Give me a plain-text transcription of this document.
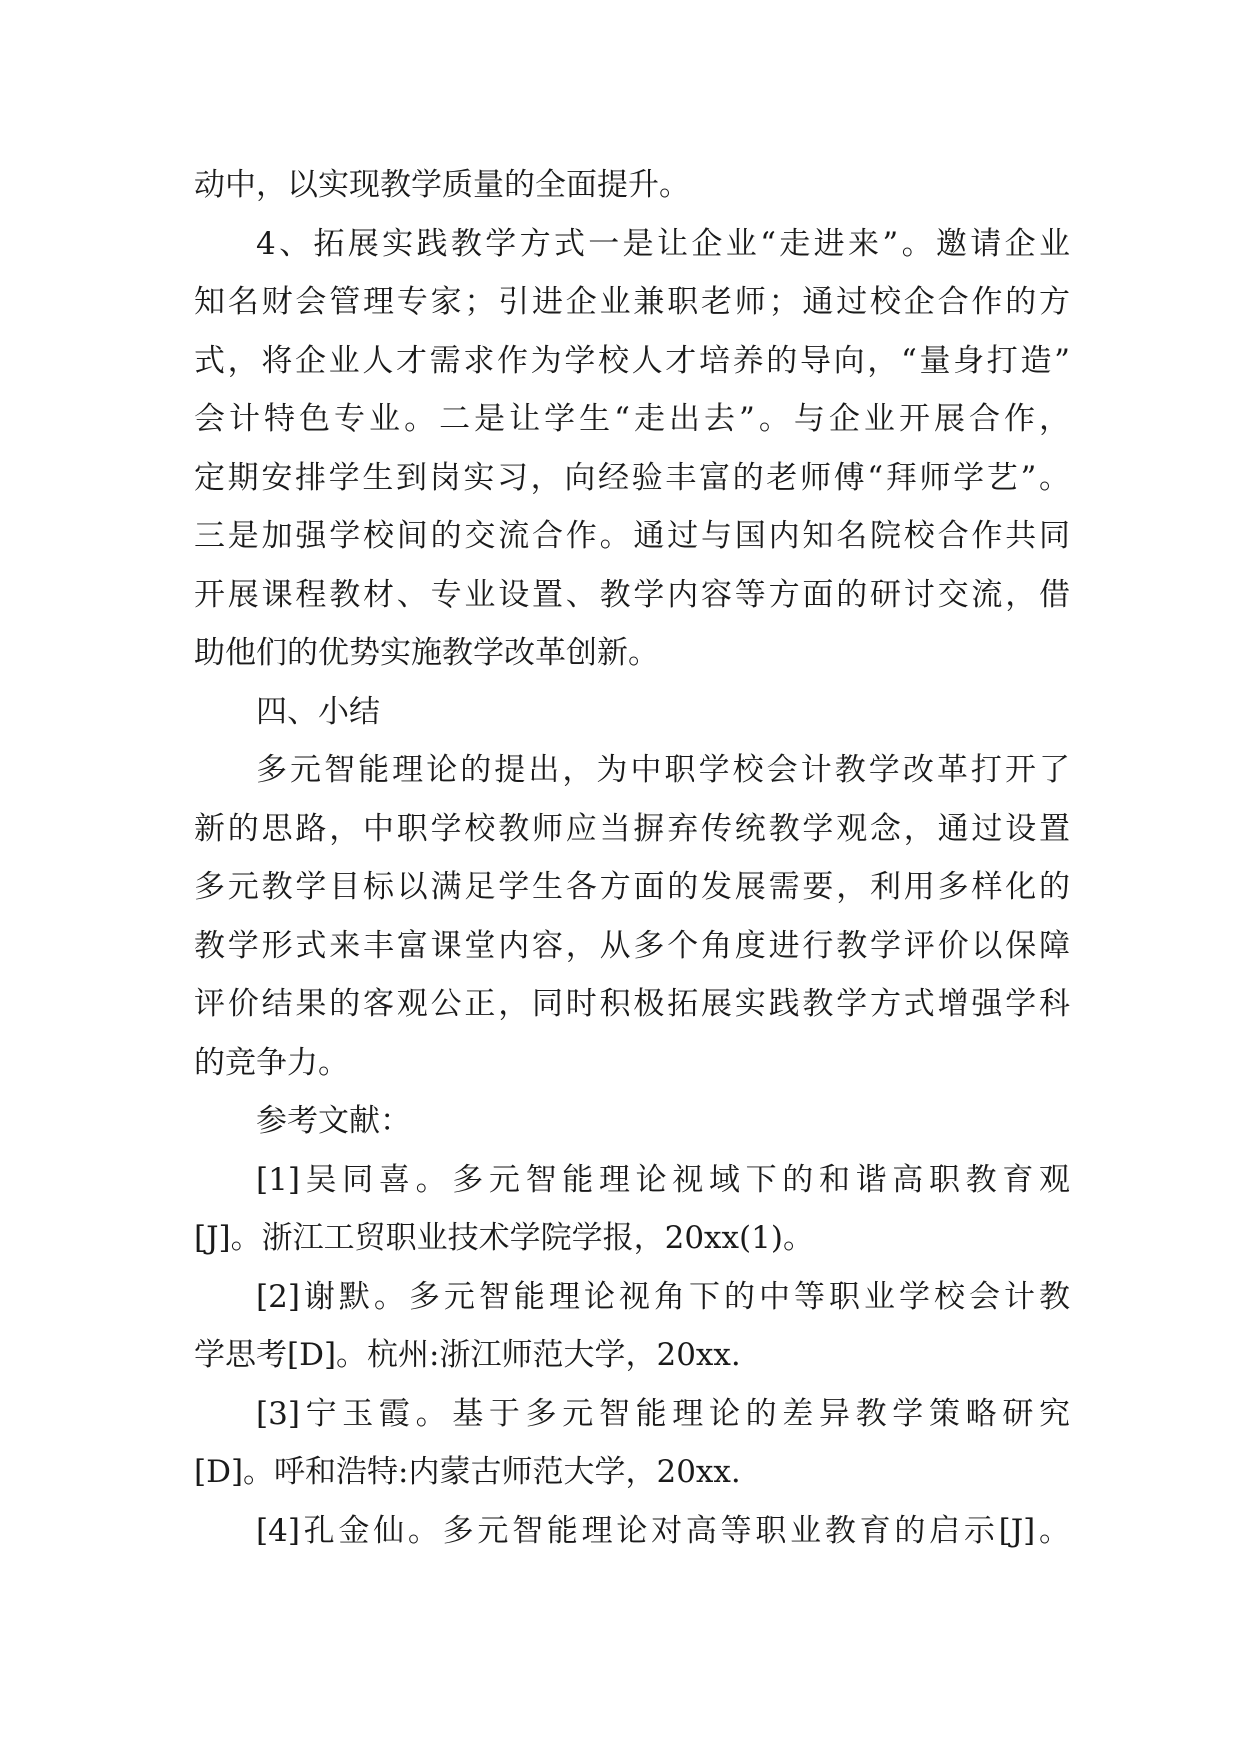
动中，以实现教学质量的全面提升。
4、拓展实践教学方式一是让企业“走进来”。邀请企业
知名财会管理专家；引进企业兼职老师；通过校企合作的方
式，将企业人才需求作为学校人才培养的导向，“量身打造”
会计特色专业。二是让学生“走出去”。与企业开展合作，
定期安排学生到岗实习，向经验丰富的老师傅“拜师学艺”。
三是加强学校间的交流合作。通过与国内知名院校合作共同
开展课程教材、专业设置、教学内容等方面的研讨交流，借
助他们的优势实施教学改革创新。
四、小结
多元智能理论的提出，为中职学校会计教学改革打开了
新的思路，中职学校教师应当摒弃传统教学观念，通过设置
多元教学目标以满足学生各方面的发展需要，利用多样化的
教学形式来丰富课堂内容，从多个角度进行教学评价以保障
评价结果的客观公正，同时积极拓展实践教学方式增强学科
的竞争力。
参考文献：
[1]吴同喜。多元智能理论视域下的和谐高职教育观
[J]。浙江工贸职业技术学院学报，20xx(1)。
[2]谢默。多元智能理论视角下的中等职业学校会计教
学思考[D]。杭州:浙江师范大学，20xx.
[3]宁玉霞。基于多元智能理论的差异教学策略研究
[D]。呼和浩特:内蒙古师范大学，20xx.
[4]孔金仙。多元智能理论对高等职业教育的启示[J]。
